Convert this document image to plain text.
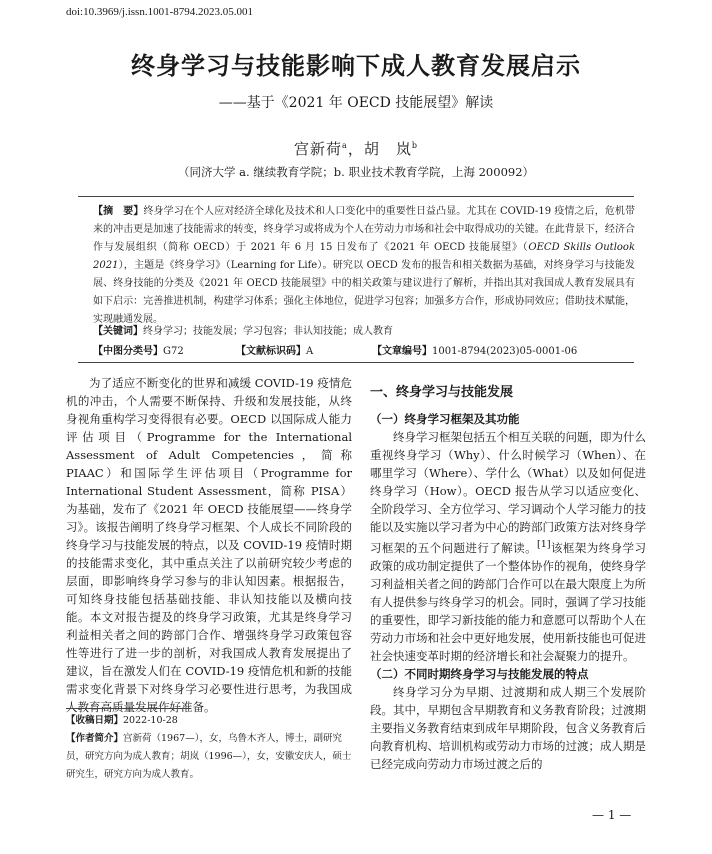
doi:10.3969/j.issn.1001-8794.2023.05.001
终身学习与技能影响下成人教育发展启示
——基于《2021 年 OECD 技能展望》解读
宫新荷$^a$，胡　岚$^b$
（同济大学 a. 继续教育学院；b. 职业技术教育学院，上海 200092）
【摘　要】终身学习在个人应对经济全球化及技术和人口变化中的重要性日益凸显。尤其在 COVID-19 疫情之后，危机带来的冲击更是加速了技能需求的转变，终身学习或将成为个人在劳动力市场和社会中取得成功的关键。在此背景下，经济合作与发展组织（简称 OECD）于 2021 年 6 月 15 日发布了《2021 年 OECD 技能展望》（OECD Skills Outlook 2021），主题是《终身学习》（Learning for Life）。研究以 OECD 发布的报告和相关数据为基础，对终身学习与技能发展、终身技能的分类及《2021 年 OECD 技能展望》中的相关政策与建议进行了解析，并指出其对我国成人教育发展具有如下启示：完善推进机制，构建学习体系；强化主体地位，促进学习包容；加强多方合作，形成协同效应；借助技术赋能，实现融通发展。
【关键词】终身学习；技能发展；学习包容；非认知技能；成人教育
【中图分类号】G72	【文献标识码】A	【文章编号】1001-8794(2023)05-0001-06

为了适应不断变化的世界和减缓 COVID-19 疫情危机的冲击，个人需要不断保持、升级和发展技能，从终身视角重构学习变得很有必要。OECD 以国际成人能力评估项目（Programme for the International Assessment of Adult Competencies，简称 PIAAC）和国际学生评估项目（Programme for International Student Assessment，简称 PISA）为基础，发布了《2021 年 OECD 技能展望——终身学习》。该报告阐明了终身学习框架、个人成长不同阶段的终身学习与技能发展的特点，以及 COVID-19 疫情时期的技能需求变化，其中重点关注了以前研究较少考虑的层面，即影响终身学习参与的非认知因素。根据报告，可知终身技能包括基础技能、非认知技能以及横向技能。本文对报告提及的终身学习政策，尤其是终身学习利益相关者之间的跨部门合作、增强终身学习政策包容性等进行了进一步的剖析，对我国成人教育发展提出了建议，旨在激发人们在 COVID-19 疫情危机和新的技能需求变化背景下对终身学习必要性进行思考，为我国成人教育高质量发展作好准备。

【收稿日期】2022-10-28
【作者简介】宫新荷（1967—），女，乌鲁木齐人，博士，副研究员，研究方向为成人教育；胡岚（1996—），女，安徽安庆人，硕士研究生，研究方向为成人教育。
一、终身学习与技能发展
（一）终身学习框架及其功能

终身学习框架包括五个相互关联的问题，即为什么重视终身学习（Why）、什么时候学习（When）、在哪里学习（Where）、学什么（What）以及如何促进终身学习（How）。OECD 报告从学习以适应变化、全阶段学习、全方位学习、学习调动个人学习能力的技能以及实施以学习者为中心的跨部门政策方法对终身学习框架的五个问题进行了解读。[1]该框架为终身学习政策的成功制定提供了一个整体协作的视角，使终身学习利益相关者之间的跨部门合作可以在最大限度上为所有人提供参与终身学习的机会。同时，强调了学习技能的重要性，即学习新技能的能力和意愿可以帮助个人在劳动力市场和社会中更好地发展，使用新技能也可促进社会快速变革时期的经济增长和社会凝聚力的提升。

（二）不同时期终身学习与技能发展的特点

终身学习分为早期、过渡期和成人期三个发展阶段。其中，早期包含早期教育和义务教育阶段；过渡期主要指义务教育结束到成年早期阶段，包含义务教育后向教育机构、培训机构或劳动力市场的过渡；成人期是已经完成向劳动力市场过渡之后的

— 1 —
